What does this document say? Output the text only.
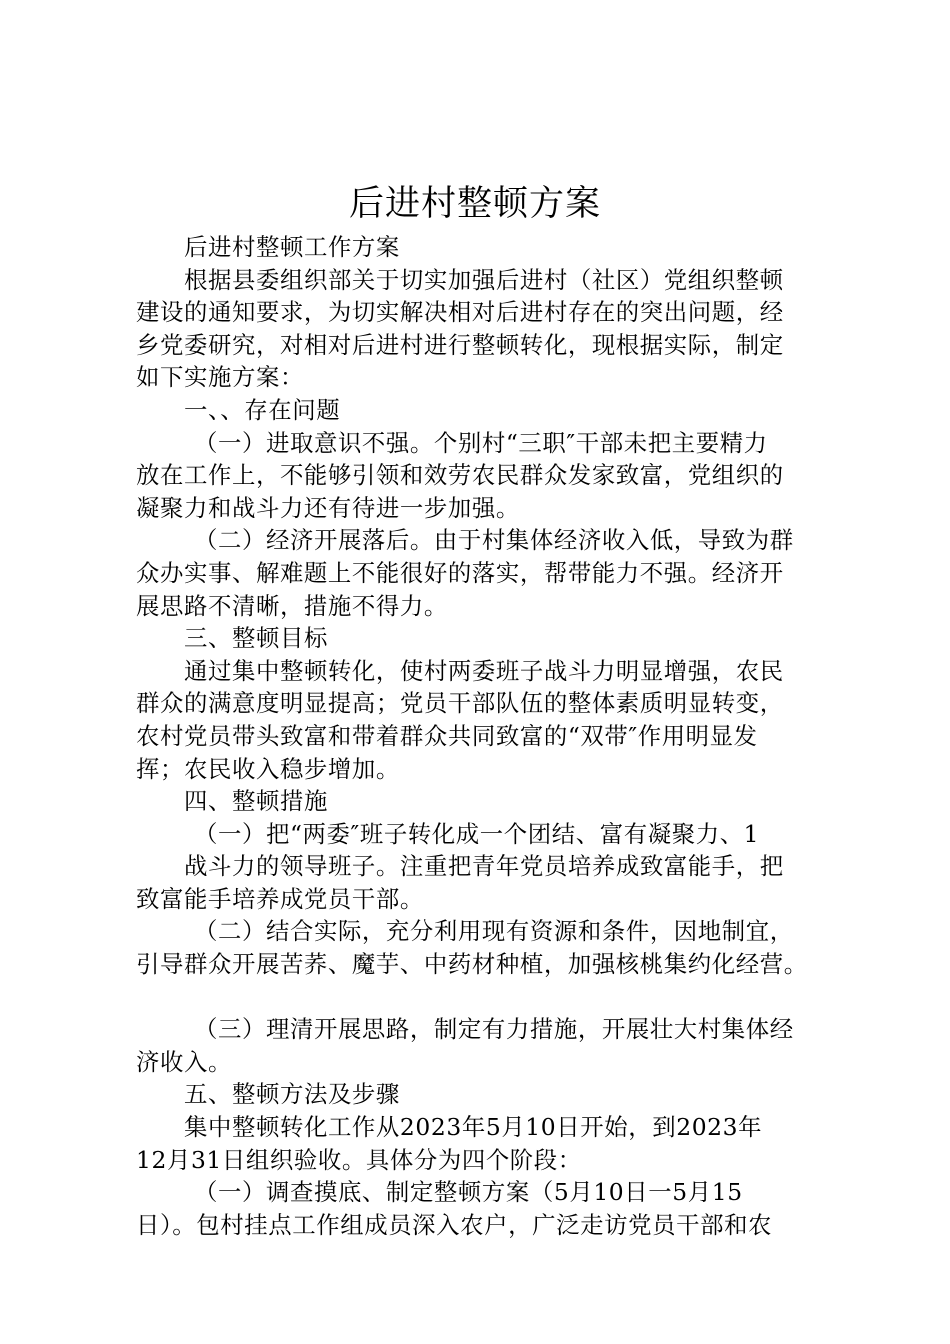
后进村整顿方案
后进村整顿工作方案
根据县委组织部关于切实加强后进村（社区）党组织整顿
建设的通知要求，为切实解决相对后进村存在的突出问题，经
乡党委研究，对相对后进村进行整顿转化，现根据实际，制定
如下实施方案：
一、、存在问题
（一）进取意识不强。个别村“三职″干部未把主要精力
放在工作上，不能够引领和效劳农民群众发家致富，党组织的
凝聚力和战斗力还有待进一步加强。
（二）经济开展落后。由于村集体经济收入低，导致为群
众办实事、解难题上不能很好的落实，帮带能力不强。经济开
展思路不清晰，措施不得力。
三、整顿目标
通过集中整顿转化，使村两委班子战斗力明显增强，农民
群众的满意度明显提高；党员干部队伍的整体素质明显转变，
农村党员带头致富和带着群众共同致富的“双带″作用明显发
挥；农民收入稳步增加。
四、整顿措施
（一）把“两委″班子转化成一个团结、富有凝聚力、1
战斗力的领导班子。注重把青年党员培养成致富能手，把
致富能手培养成党员干部。
（二）结合实际，充分利用现有资源和条件，因地制宜，
引导群众开展苦荞、魔芋、中药材种植，加强核桃集约化经营。
（三）理清开展思路，制定有力措施，开展壮大村集体经
济收入。
五、整顿方法及步骤
集中整顿转化工作从2023年5月10日开始，到2023年
12月31日组织验收。具体分为四个阶段：
（一）调查摸底、制定整顿方案（5月10日一5月15
日）。包村挂点工作组成员深入农户，广泛走访党员干部和农
